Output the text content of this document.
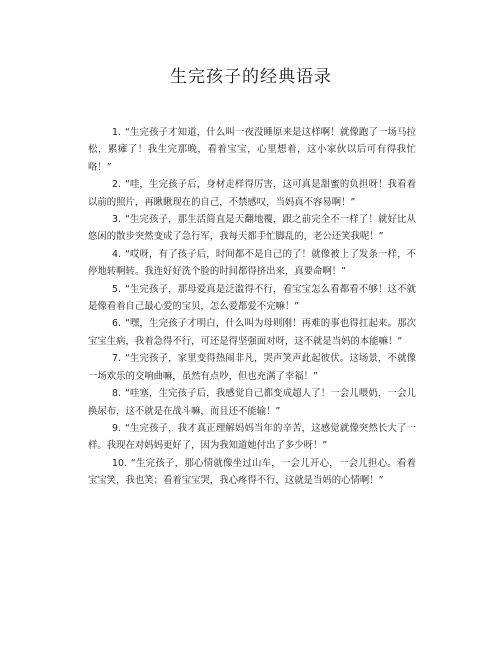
生完孩子的经典语录

1. “生完孩子才知道，什么叫一夜没睡原来是这样啊！就像跑了一场马拉松，累瘫了！我生完那晚，看着宝宝，心里想着，这小家伙以后可有得我忙咯！”

2. “哇，生完孩子后，身材走样得厉害，这可真是甜蜜的负担呀！我看着以前的照片，再瞅瞅现在的自己，不禁感叹，当妈真不容易啊！”

3. “生完孩子，那生活简直是天翻地覆，跟之前完全不一样了！就好比从悠闲的散步突然变成了急行军，我每天都手忙脚乱的，老公还笑我呢！”

4. “哎呀，有了孩子后，时间都不是自己的了！就像被上了发条一样，不停地转啊转。我连好好洗个脸的时间都得挤出来，真要命啊！”

5. “生完孩子，那母爱真是泛滥得不行，看宝宝怎么看都看不够！这不就是像看着自己最心爱的宝贝，怎么爱都爱不完嘛！”

6. “嘿，生完孩子才明白，什么叫为母则刚！再难的事也得扛起来。那次宝宝生病，我着急得不行，可还是得坚强面对呀，这不就是当妈的本能嘛！”

7. “生完孩子，家里变得热闹非凡，哭声笑声此起彼伏。这场景，不就像一场欢乐的交响曲嘛，虽然有点吵，但也充满了幸福！”

8. “哇塞，生完孩子后，我感觉自己都变成超人了！一会儿喂奶，一会儿换尿布，这不就是在战斗嘛，而且还不能输！”

9. “生完孩子，我才真正理解妈妈当年的辛苦，这感觉就像突然长大了一样。我现在对妈妈更好了，因为我知道她付出了多少呀！”

10. “生完孩子，那心情就像坐过山车，一会儿开心，一会儿担心。看着宝宝笑，我也笑；看着宝宝哭，我心疼得不行，这就是当妈的心情啊！”
